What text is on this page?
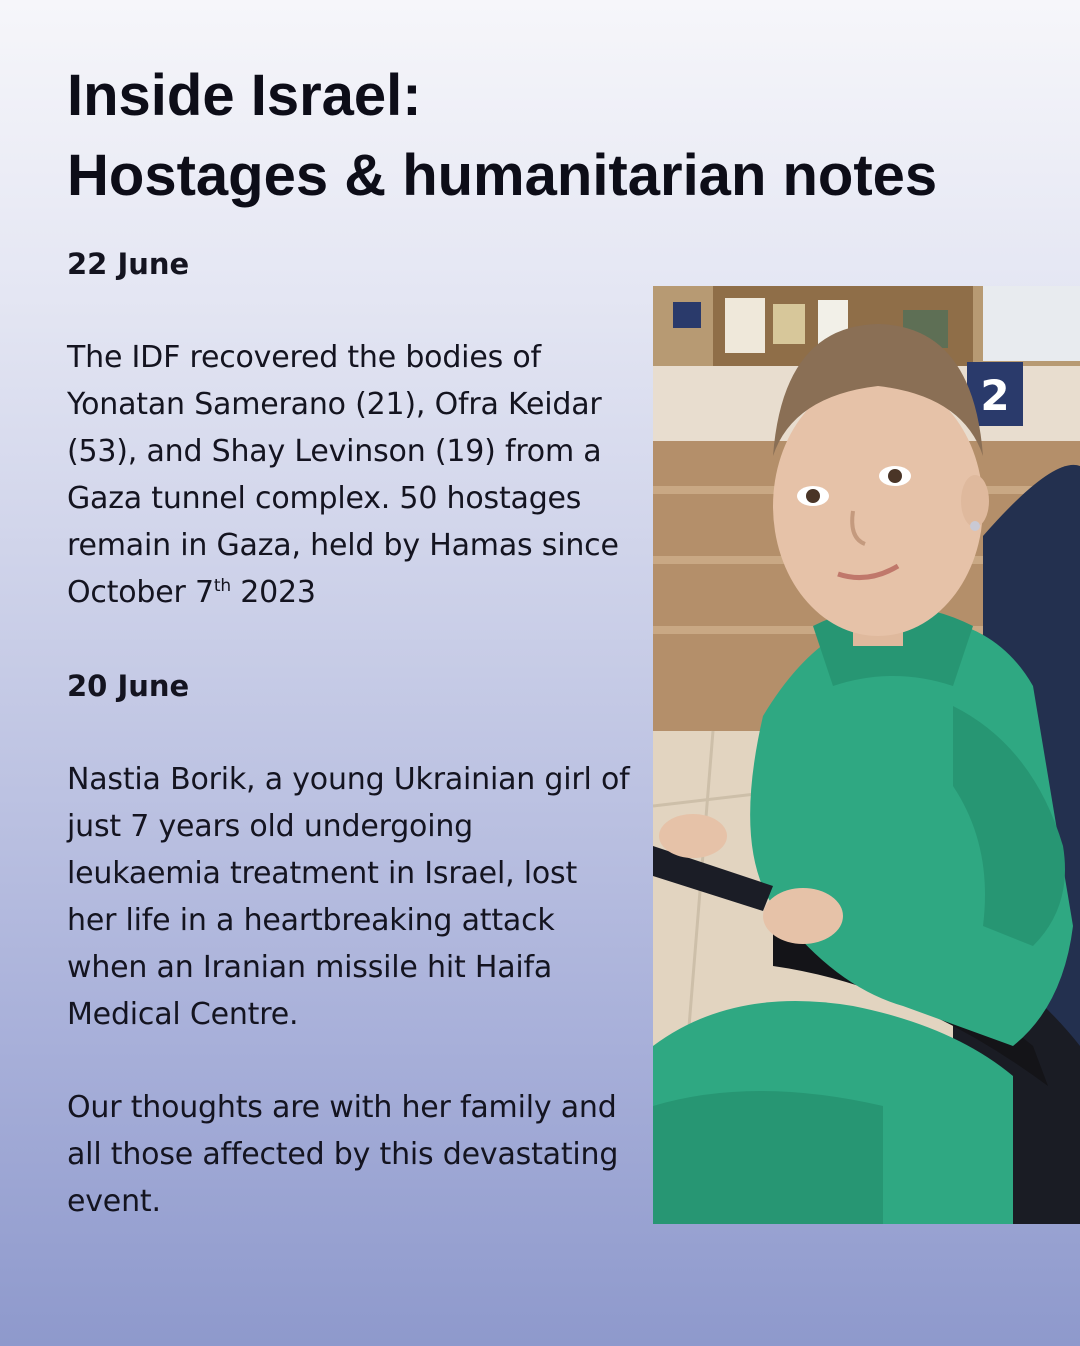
Inside Israel:
Hostages & humanitarian notes

22 June

The IDF recovered the bodies of Yonatan Samerano (21), Ofra Keidar (53), and Shay Levinson (19) from a Gaza tunnel complex. 50 hostages remain in Gaza, held by Hamas since October 7th 2023

20 June

Nastia Borik, a young Ukrainian girl of just 7 years old undergoing leukaemia treatment in Israel, lost her life in a heartbreaking attack when an Iranian missile hit Haifa Medical Centre.

Our thoughts are with her family and all those affected by this devastating event.

2
